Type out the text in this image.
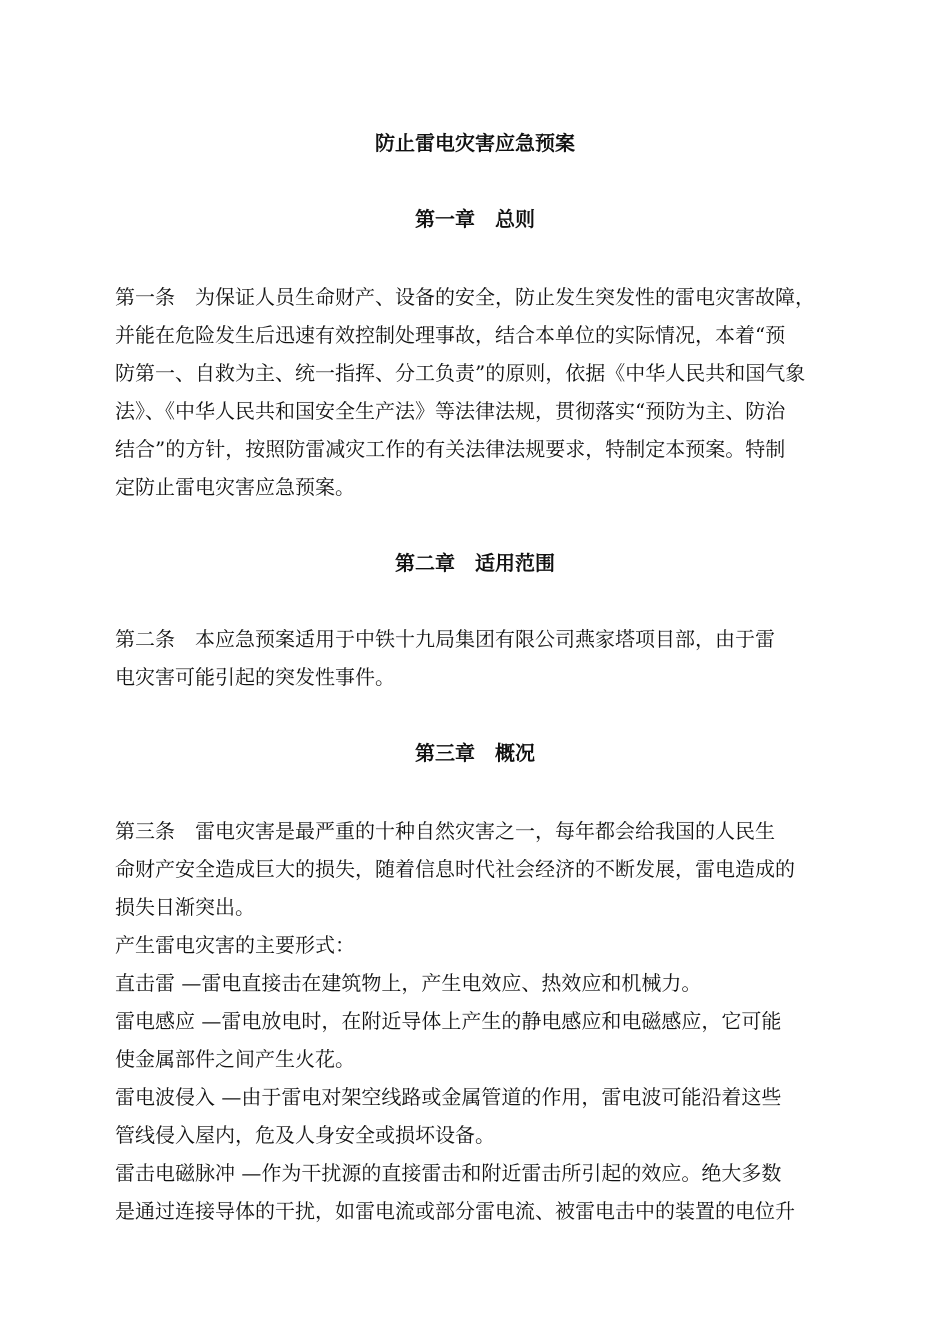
防止雷电灾害应急预案
第一章　总则

第一条　为保证人员生命财产、设备的安全，防止发生突发性的雷电灾害故障，

并能在危险发生后迅速有效控制处理事故，结合本单位的实际情况，本着“预

防第一、自救为主、统一指挥、分工负责”的原则，依据《中华人民共和国气象

法》、《中华人民共和国安全生产法》等法律法规，贯彻落实“预防为主、防治

结合”的方针，按照防雷减灾工作的有关法律法规要求，特制定本预案。特制

定防止雷电灾害应急预案。

第二章　适用范围

第二条　本应急预案适用于中铁十九局集团有限公司燕家塔项目部，由于雷

电灾害可能引起的突发性事件。

第三章　概况

第三条　雷电灾害是最严重的十种自然灾害之一，每年都会给我国的人民生

命财产安全造成巨大的损失，随着信息时代社会经济的不断发展，雷电造成的

损失日渐突出。

产生雷电灾害的主要形式：

直击雷 —雷电直接击在建筑物上，产生电效应、热效应和机械力。

雷电感应 —雷电放电时，在附近导体上产生的静电感应和电磁感应，它可能

使金属部件之间产生火花。

雷电波侵入 —由于雷电对架空线路或金属管道的作用，雷电波可能沿着这些

管线侵入屋内，危及人身安全或损坏设备。

雷击电磁脉冲 —作为干扰源的直接雷击和附近雷击所引起的效应。绝大多数

是通过连接导体的干扰，如雷电流或部分雷电流、被雷电击中的装置的电位升
